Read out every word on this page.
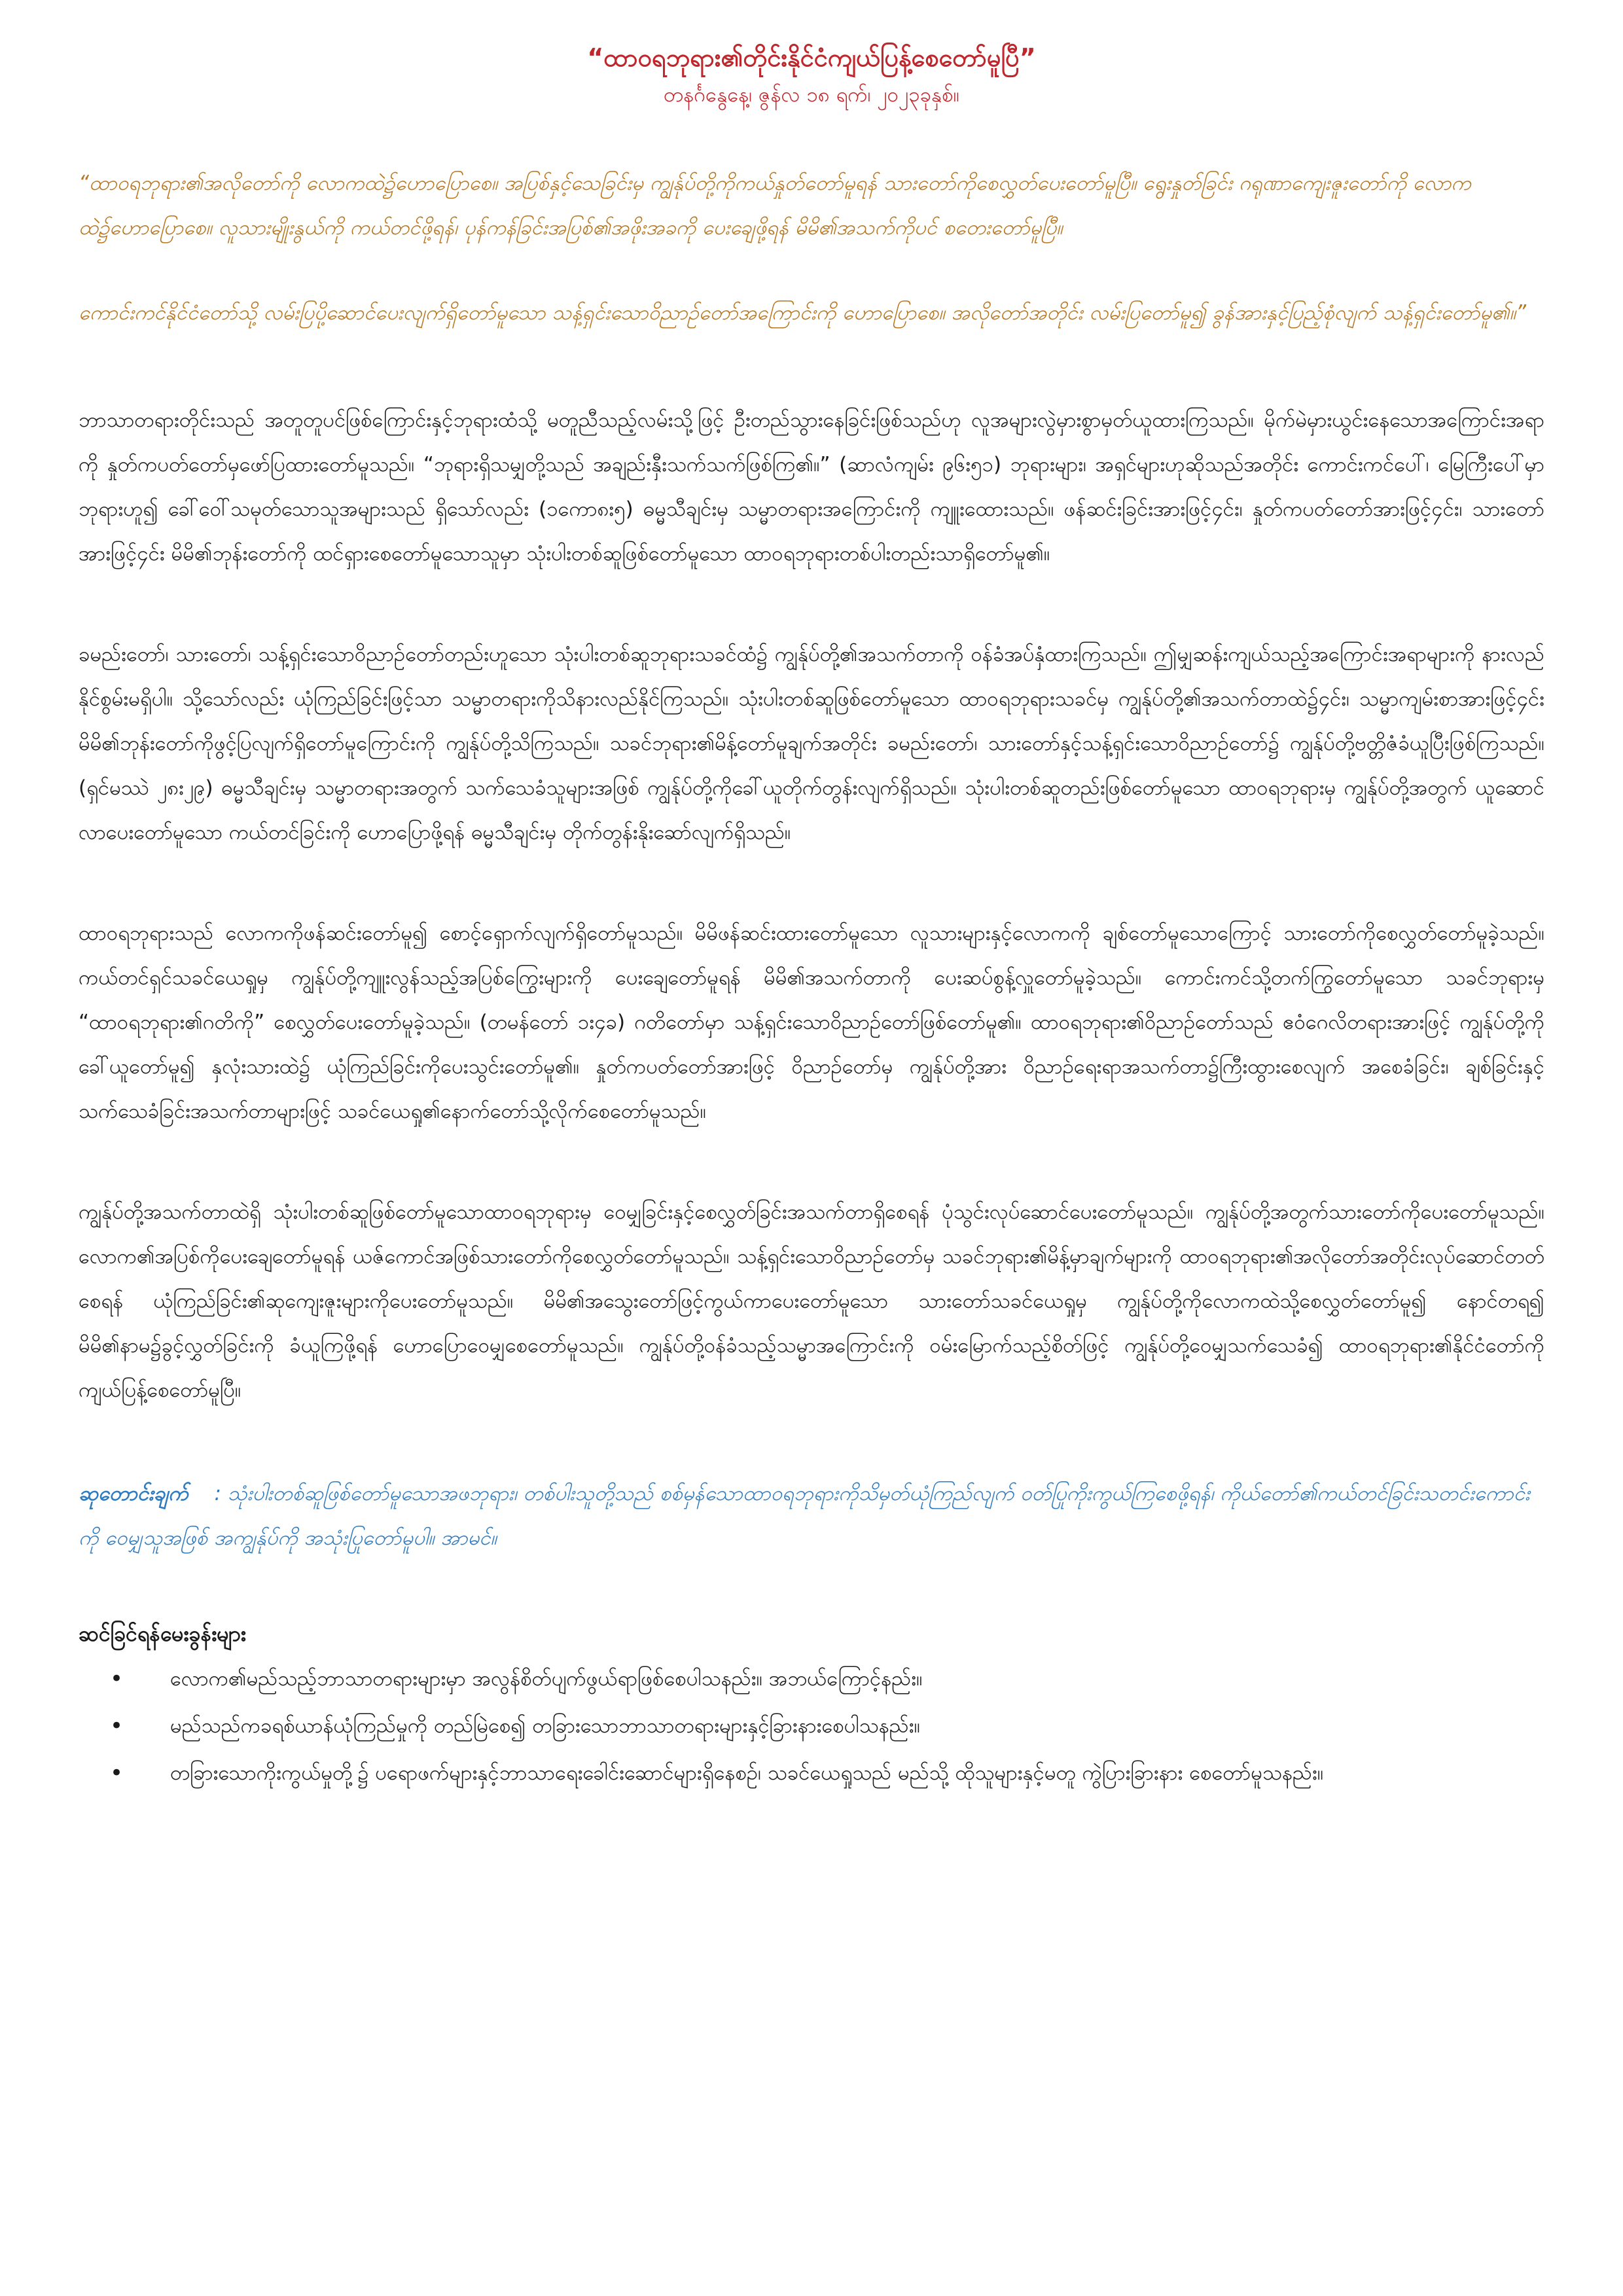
“ထာဝရဘုရား၏တိုင်းနိုင်ငံကျယ်ပြန့်စေတော်မူပြီ”

တနင်္ဂနွေနေ့၊ ဇွန်လ ၁၈ ရက်၊ ၂၀၂၃ခုနှစ်။

“ထာဝရဘုရား၏အလိုတော်ကို လောကထဲ၌ဟောပြောစေ။ အပြစ်နှင့်သေခြင်းမှ ကျွန်ုပ်တို့ကိုကယ်နှုတ်တော်မူရန် သားတော်ကိုစေလွှတ်ပေးတော်မူပြီ။ ရွေးနှုတ်ခြင်း ဂရုဏာကျေးဇူးတော်ကို လောကထဲ၌ဟောပြောစေ။ လူသားမျိုးနွယ်ကို ကယ်တင်ဖို့ရန်၊ ပုန်ကန်ခြင်းအပြစ်၏အဖိုးအခကို ပေးချေဖို့ရန် မိမိ၏အသက်ကိုပင် စတေးတော်မူပြီ။

ကောင်းကင်နိုင်ငံတော်သို့ လမ်းပြပို့ဆောင်ပေးလျက်ရှိတော်မူသော သန့်ရှင်းသောဝိညာဉ်တော်အကြောင်းကို ဟောပြောစေ။ အလိုတော်အတိုင်း လမ်းပြတော်မူ၍ ခွန်အားနှင့်ပြည့်စုံလျက် သန့်ရှင်းတော်မူ၏။”

ဘာသာတရားတိုင်းသည် အတူတူပင်ဖြစ်ကြောင်းနှင့်ဘုရားထံသို့ မတူညီသည့်လမ်းသို့ဖြင့် ဦးတည်သွားနေခြင်းဖြစ်သည်ဟု လူအများလွဲမှားစွာမှတ်ယူထားကြသည်။ မိုက်မဲမှားယွင်းနေသောအကြောင်းအရာကို နှုတ်ကပတ်တော်မှဖော်ပြထားတော်မူသည်။ “ဘုရားရှိသမျှတို့သည် အချည်းနှီးသက်သက်ဖြစ်ကြ၏။” (ဆာလံကျမ်း ၉၆း၅၁) ဘုရားများ၊ အရှင်များဟုဆိုသည်အတိုင်း ကောင်းကင်ပေါ်၊ မြေကြီးပေါ်မှာဘုရားဟူ၍ ခေါ်ဝေါ်သမုတ်သောသူအများသည် ရှိသော်လည်း (၁ကော၈း၅) ဓမ္မသီချင်းမှ သမ္မာတရားအကြောင်းကို ကျူးထေားသည်။ ဖန်ဆင်းခြင်းအားဖြင့်၄င်း၊ နှုတ်ကပတ်တော်အားဖြင့်၄င်း၊ သားတော်အားဖြင့်၄င်း မိမိ၏ဘုန်းတော်ကို ထင်ရှားစေတော်မူသောသူမှာ သုံးပါးတစ်ဆူဖြစ်တော်မူသော ထာဝရဘုရားတစ်ပါးတည်းသာရှိတော်မူ၏။

ခမည်းတော်၊ သားတော်၊ သန့်ရှင်းသောဝိညာဉ်တော်တည်းဟူသော သုံးပါးတစ်ဆူဘုရားသခင်ထံ၌ ကျွန်ုပ်တို့၏အသက်တာကို ဝန်ခံအပ်နှံထားကြသည်။ ဤမျှဆန်းကျယ်သည့်အကြောင်းအရာများကို နားလည်နိုင်စွမ်းမရှိပါ။ သို့သော်လည်း ယုံကြည်ခြင်းဖြင့်သာ သမ္မာတရားကိုသိနားလည်နိုင်ကြသည်။ သုံးပါးတစ်ဆူဖြစ်တော်မူသော ထာဝရဘုရားသခင်မှ ကျွန်ုပ်တို့၏အသက်တာထဲ၌၄င်း၊ သမ္မာကျမ်းစာအားဖြင့်၄င်း မိမိ၏ဘုန်းတော်ကိုဖွင့်ပြလျက်ရှိတော်မူကြောင်းကို ကျွန်ုပ်တို့သိကြသည်။ သခင်ဘုရား၏မိန့်တော်မူချက်အတိုင်း ခမည်းတော်၊ သားတော်နှင့်သန့်ရှင်းသောဝိညာဉ်တော်၌ ကျွန်ုပ်တို့ဗတ္တိဇံခံယူပြီးဖြစ်ကြသည်။ (ရှင်မဿဲ ၂၈း၂၉) ဓမ္မသီချင်းမှ သမ္မာတရားအတွက် သက်သေခံသူများအဖြစ် ကျွန်ုပ်တို့ကိုခေါ်ယူတိုက်တွန်းလျက်ရှိသည်။ သုံးပါးတစ်ဆူတည်းဖြစ်တော်မူသော ထာဝရဘုရားမှ ကျွန်ုပ်တို့အတွက် ယူဆောင်လာပေးတော်မူသော ကယ်တင်ခြင်းကို ဟောပြောဖို့ရန် ဓမ္မသီချင်းမှ တိုက်တွန်းနိုးဆော်လျက်ရှိသည်။

ထာဝရဘုရားသည် လောကကိုဖန်ဆင်းတော်မူ၍ စောင့်ရှောက်လျက်ရှိတော်မူသည်။ မိမိဖန်ဆင်းထားတော်မူသော လူသားများနှင့်လောကကို ချစ်တော်မူသောကြောင့် သားတော်ကိုစေလွှတ်တော်မူခဲ့သည်။ ကယ်တင်ရှင်သခင်ယေရှုမှ ကျွန်ုပ်တို့ကျူးလွန်သည့်အပြစ်ကြွေးများကို ပေးချေတော်မူရန် မိမိ၏အသက်တာကို ပေးဆပ်စွန့်လှူတော်မူခဲ့သည်။ ကောင်းကင်သို့တက်ကြွတော်မူသော သခင်ဘုရားမှ “ထာဝရဘုရား၏ဂတိကို” စေလွှတ်ပေးတော်မူခဲ့သည်။ (တမန်တော် ၁း၄ခ) ဂတိတော်မှာ သန့်ရှင်းသောဝိညာဉ်တော်ဖြစ်တော်မူ၏။ ထာဝရဘုရား၏ဝိညာဉ်တော်သည် ဧဝံဂေလိတရားအားဖြင့် ကျွန်ုပ်တို့ကိုခေါ်ယူတော်မူ၍ နှလုံးသားထဲ၌ ယုံကြည်ခြင်းကိုပေးသွင်းတော်မူ၏။ နှုတ်ကပတ်တော်အားဖြင့် ဝိညာဉ်တော်မှ ကျွန်ုပ်တို့အား ဝိညာဉ်ရေးရာအသက်တာ၌ကြီးထွားစေလျက် အစေခံခြင်း၊ ချစ်ခြင်းနှင့် သက်သေခံခြင်းအသက်တာများဖြင့် သခင်ယေရှု၏နောက်တော်သို့လိုက်စေတော်မူသည်။

ကျွန်ုပ်တို့အသက်တာထဲရှိ သုံးပါးတစ်ဆူဖြစ်တော်မူသောထာဝရဘုရားမှ ဝေမျှခြင်းနှင့်စေလွှတ်ခြင်းအသက်တာရှိစေရန် ပုံသွင်းလုပ်ဆောင်ပေးတော်မူသည်။ ကျွန်ုပ်တို့အတွက်သားတော်ကိုပေးတော်မူသည်။ လောက၏အပြစ်ကိုပေးချေတော်မူရန် ယဇ်ကောင်အဖြစ်သားတော်ကိုစေလွှတ်တော်မူသည်။ သန့်ရှင်းသောဝိညာဉ်တော်မှ သခင်ဘုရား၏မိန့်မှာချက်များကို ထာဝရဘုရား၏အလိုတော်အတိုင်းလုပ်ဆောင်တတ်စေရန် ယုံကြည်ခြင်း၏ဆုကျေးဇူးများကိုပေးတော်မူသည်။ မိမိ၏အသွေးတော်ဖြင့်ကွယ်ကာပေးတော်မူသော သားတော်သခင်ယေရှုမှ ကျွန်ုပ်တို့ကိုလောကထဲသို့စေလွှတ်တော်မူ၍ နောင်တရ၍ မိမိ၏နာမ၌ခွင့်လွှတ်ခြင်းကို ခံယူကြဖို့ရန် ဟောပြောဝေမျှစေတော်မူသည်။ ကျွန်ုပ်တို့ဝန်ခံသည့်သမ္မာအကြောင်းကို ဝမ်းမြောက်သည့်စိတ်ဖြင့် ကျွန်ုပ်တို့ဝေမျှသက်သေခံ၍ ထာဝရဘုရား၏နိုင်ငံတော်ကိုကျယ်ပြန့်စေတော်မူပြီ။

ဆုတောင်းချက် : သုံးပါးတစ်ဆူဖြစ်တော်မူသောအဖဘုရား၊ တစ်ပါးသူတို့သည် စစ်မှန်သောထာဝရဘုရားကိုသိမှတ်ယုံကြည်လျက် ဝတ်ပြုကိုးကွယ်ကြစေဖို့ရန်၊ ကိုယ်တော်၏ကယ်တင်ခြင်းသတင်းကောင်းကို ဝေမျှသူအဖြစ် အကျွန်ုပ်ကို အသုံးပြုတော်မူပါ။ အာမင်။

ဆင်ခြင်ရန်မေးခွန်းများ

• လောက၏မည်သည့်ဘာသာတရားများမှာ အလွန်စိတ်ပျက်ဖွယ်ရာဖြစ်စေပါသနည်း။ အဘယ်ကြောင့်နည်း။
• မည်သည်ကခရစ်ယာန်ယုံကြည်မှုကို တည်မြဲစေ၍ တခြားသောဘာသာတရားများနှင့်ခြားနားစေပါသနည်း။
• တခြားသောကိုးကွယ်မှုတို့၌ ပရောဖက်များနှင့်ဘာသာရေးခေါင်းဆောင်များရှိနေစဉ်၊ သခင်ယေရှုသည် မည်သို့ ထိုသူများနှင့်မတူ ကွဲပြားခြားနား စေတော်မူသနည်း။
